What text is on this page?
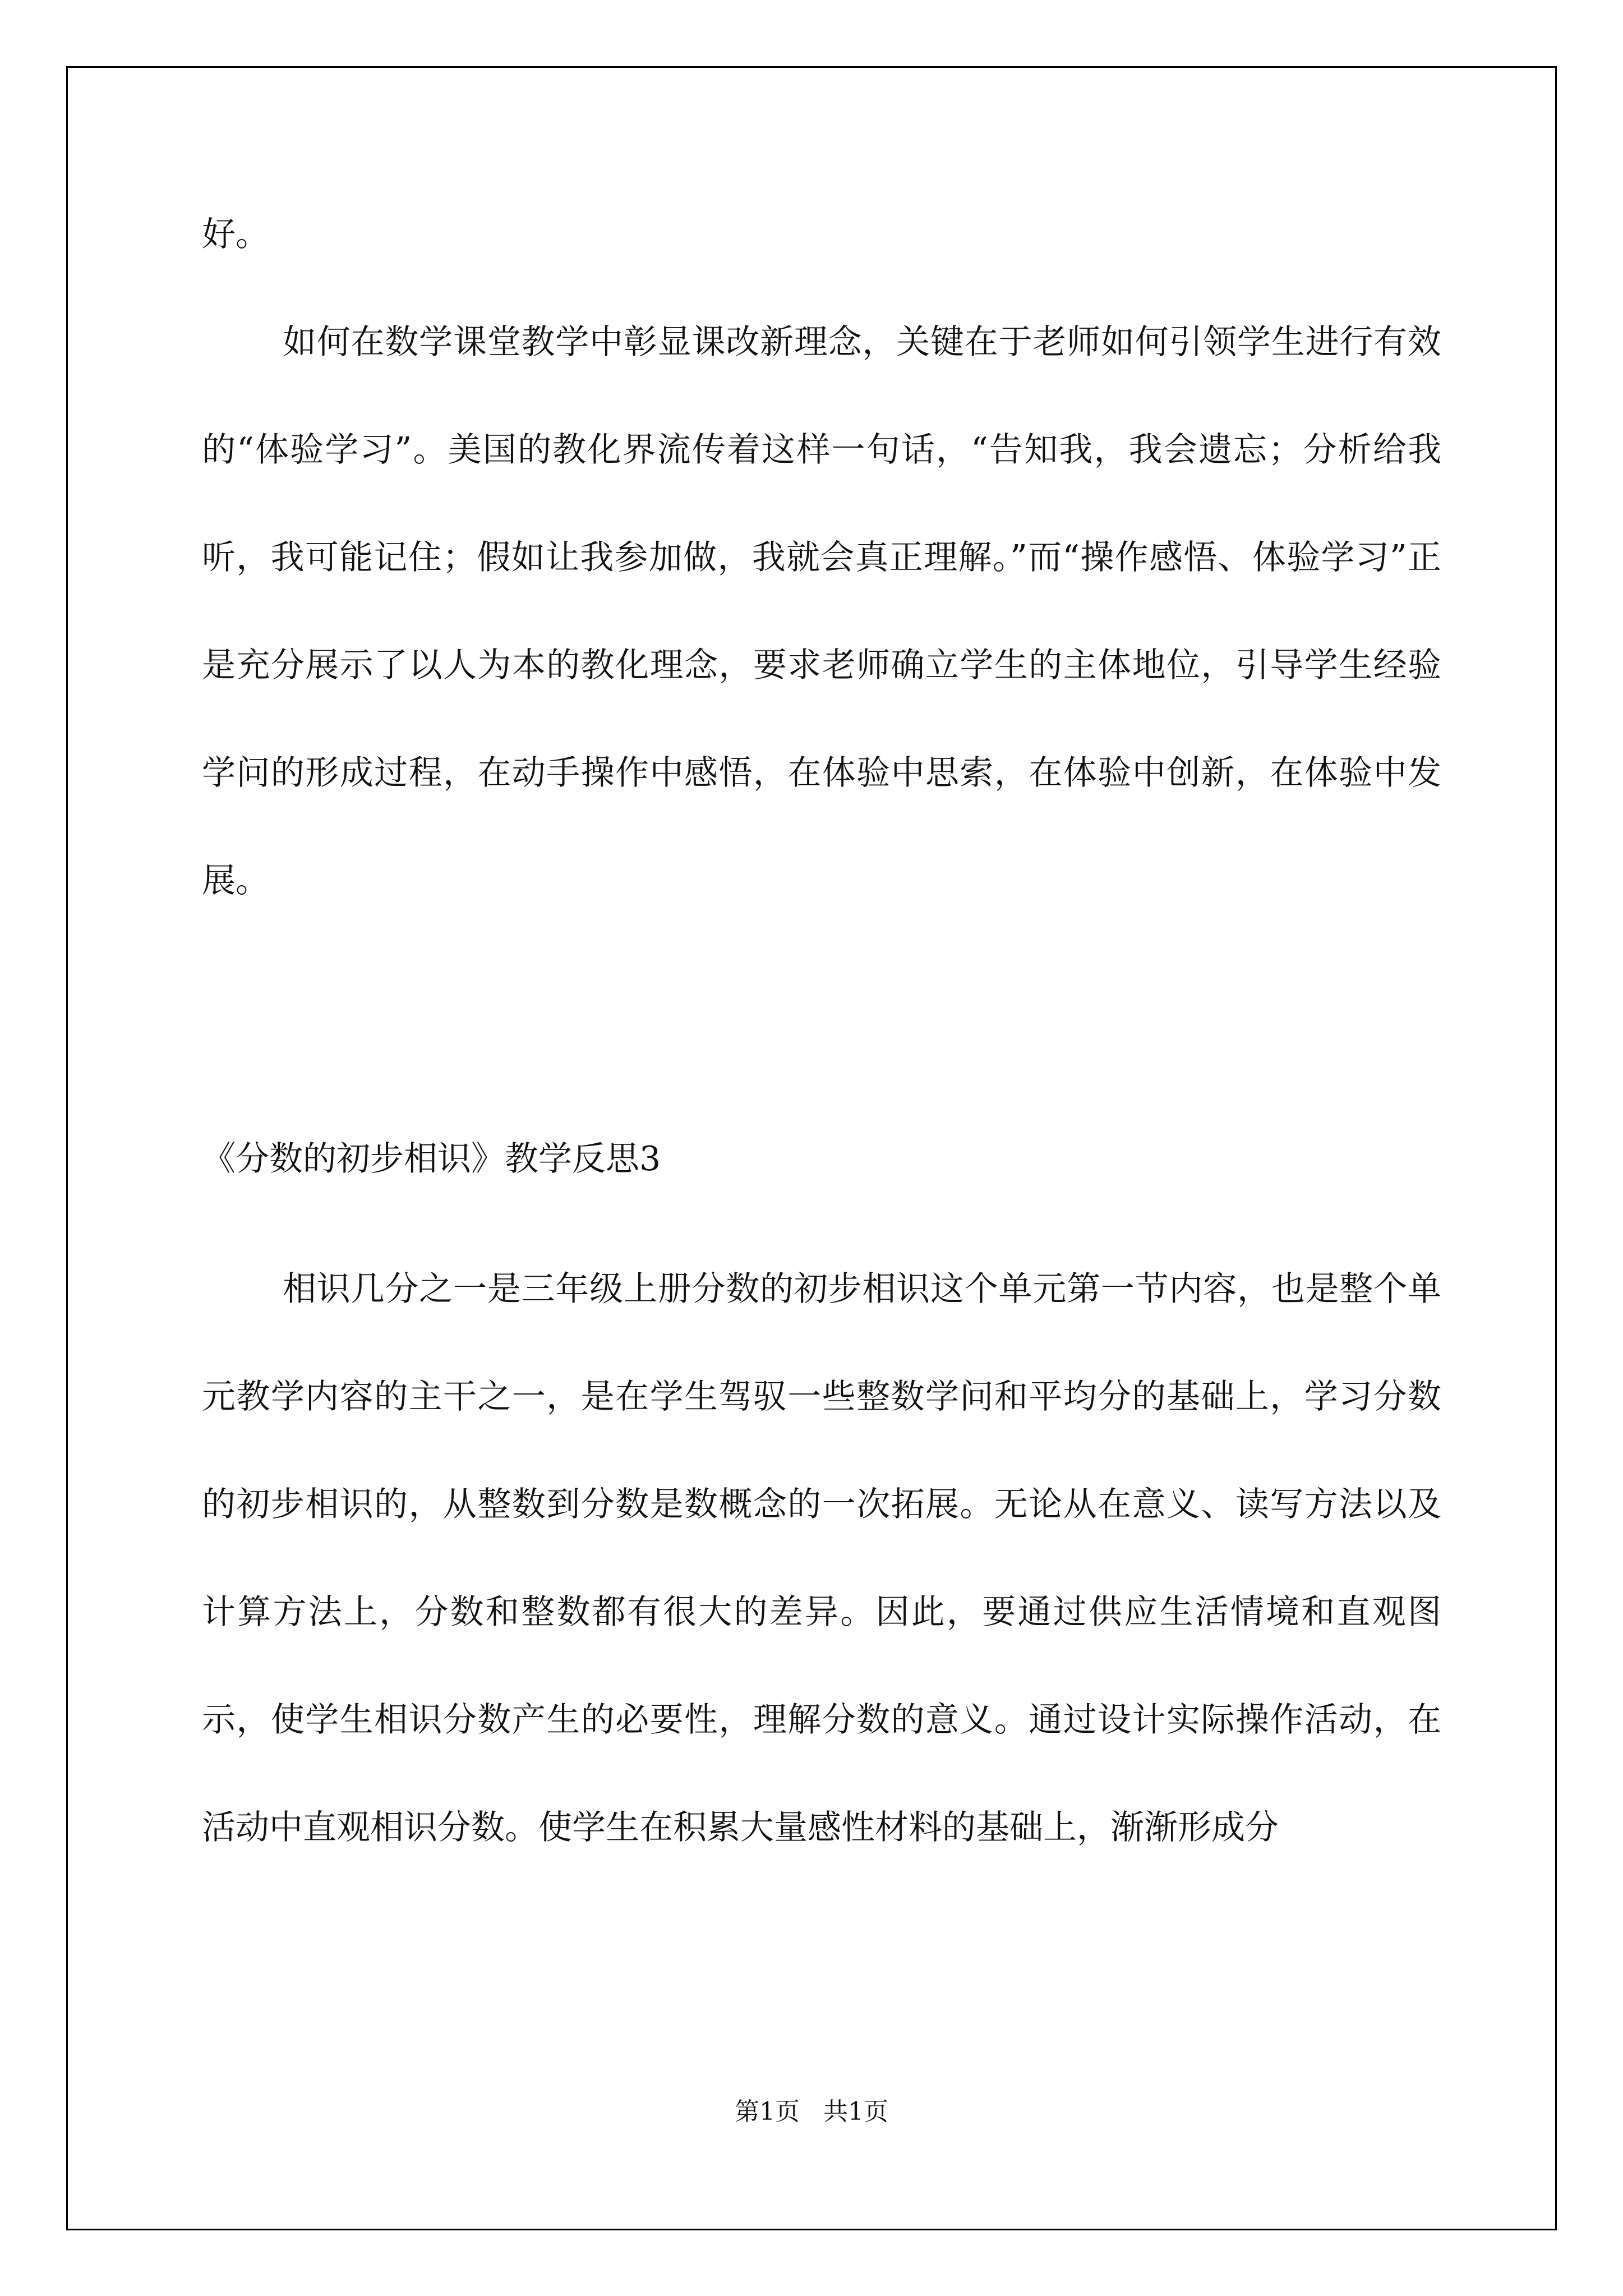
好。

如何在数学课堂教学中彰显课改新理念，关键在于老师如何引领学生进行有效的“体验学习”。美国的教化界流传着这样一句话，“告知我，我会遗忘；分析给我听，我可能记住；假如让我参加做，我就会真正理解。”而“操作感悟、体验学习”正是充分展示了以人为本的教化理念，要求老师确立学生的主体地位，引导学生经验学问的形成过程，在动手操作中感悟，在体验中思索，在体验中创新，在体验中发展。

《分数的初步相识》教学反思3

相识几分之一是三年级上册分数的初步相识这个单元第一节内容，也是整个单元教学内容的主干之一，是在学生驾驭一些整数学问和平均分的基础上，学习分数的初步相识的，从整数到分数是数概念的一次拓展。无论从在意义、读写方法以及计算方法上，分数和整数都有很大的差异。因此，要通过供应生活情境和直观图示，使学生相识分数产生的必要性，理解分数的意义。通过设计实际操作活动，在活动中直观相识分数。使学生在积累大量感性材料的基础上，渐渐形成分

第1页   共1页
